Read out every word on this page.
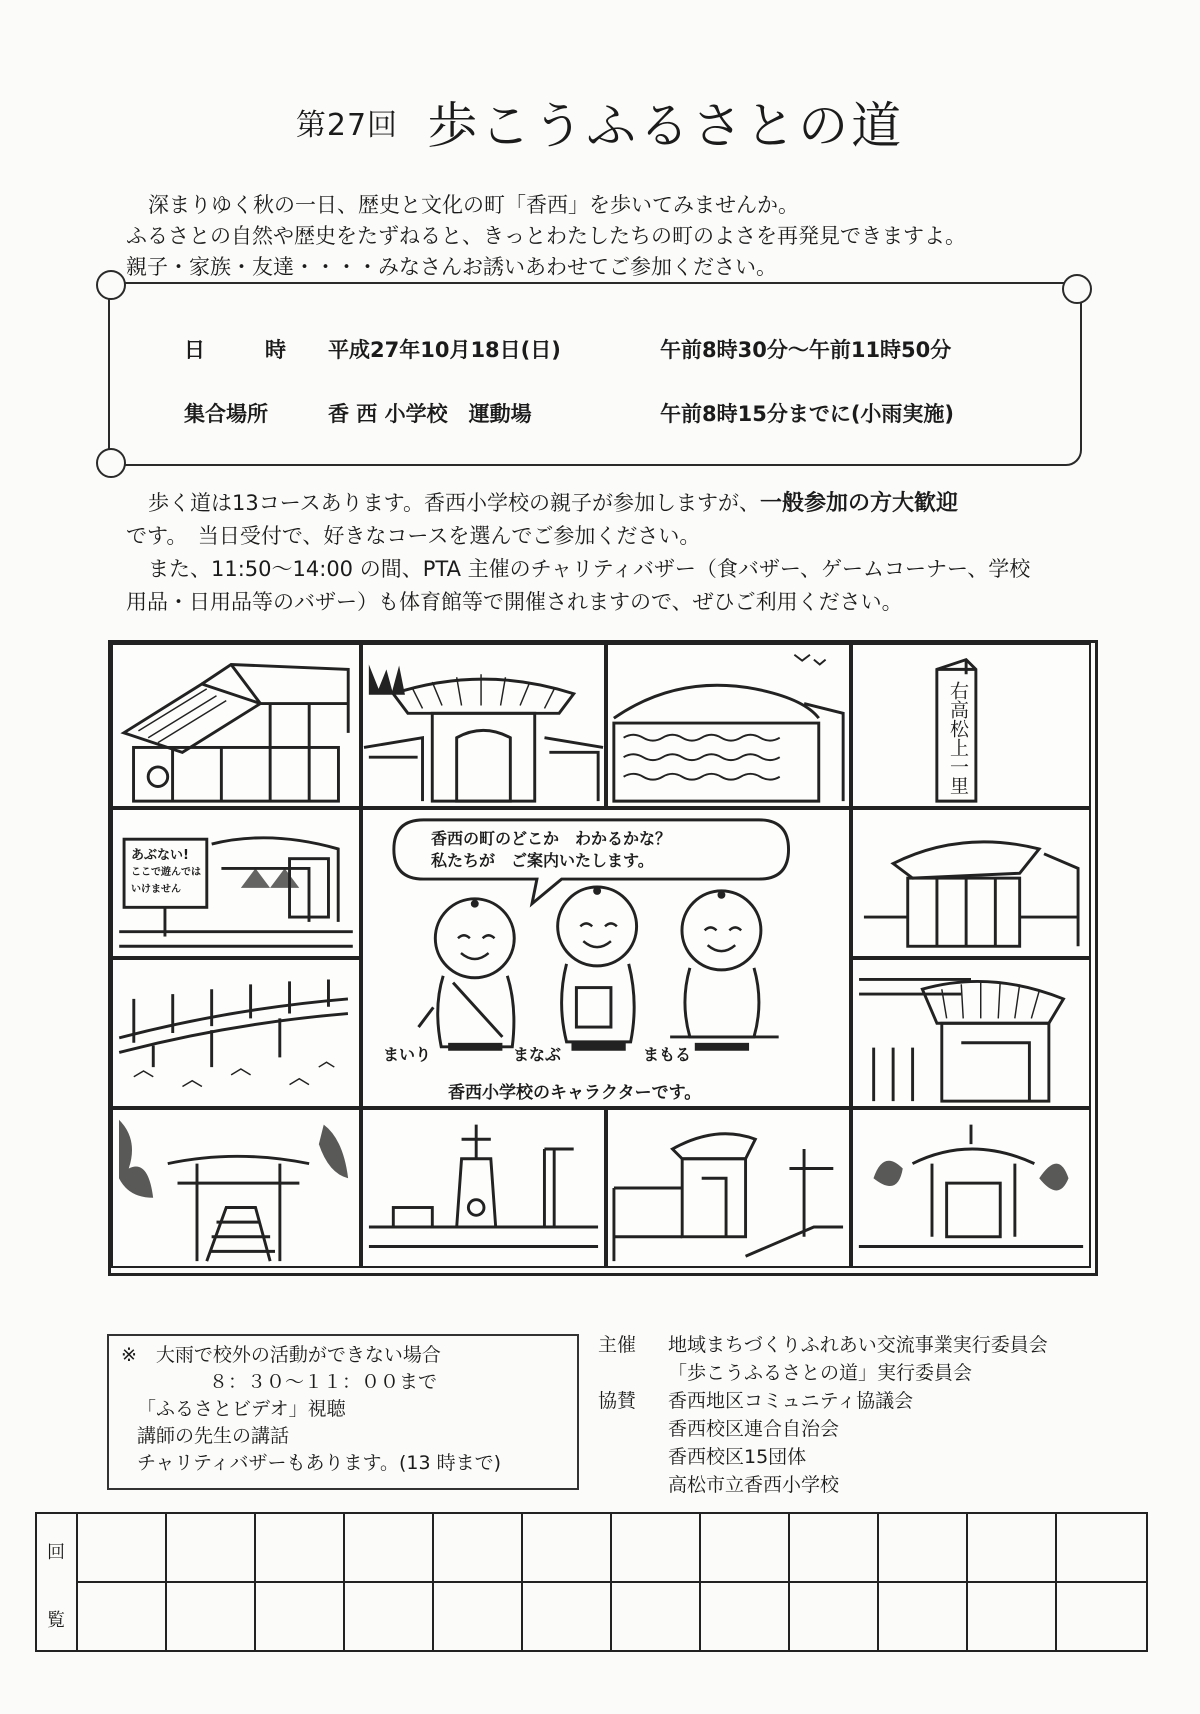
第27回 歩こうふるさとの道
深まりゆく秋の一日、歴史と文化の町「香西」を歩いてみませんか。
ふるさとの自然や歴史をたずねると、きっとわたしたちの町のよさを再発見できますよ。
親子・家族・友達・・・・みなさんお誘いあわせてご参加ください。
日　　時 平成27年10月18日(日)	午前8時30分〜午前11時50分
集合場所	香 西 小学校　運動場	午前8時15分までに(小雨実施)
歩く道は13コースあります。香西小学校の親子が参加しますが、一般参加の方大歓迎
です。　当日受付で、好きなコースを選んでご参加ください。
また、11:50〜14:00 の間、PTA 主催のチャリティバザー（食バザー、ゲームコーナー、学校
用品・日用品等のバザー）も体育館等で開催されますので、ぜひご利用ください。
右高松上一里
あぶない!
ここで遊んではいけません
香西の町のどこか　わかるかな？
私たちが　ご案内いたします。
まいり	まなぶ	まもる
香西小学校のキャラクターです。
※　大雨で校外の活動ができない場合
８：３０〜１１：００まで
「ふるさとビデオ」視聴
講師の先生の講話
チャリティバザーもあります。(13 時まで)
主催 地域まちづくりふれあい交流事業実行委員会
「歩こうふるさとの道」実行委員会
協賛 香西地区コミュニティ協議会
香西校区連合自治会
香西校区15団体
高松市立香西小学校
回
覧
